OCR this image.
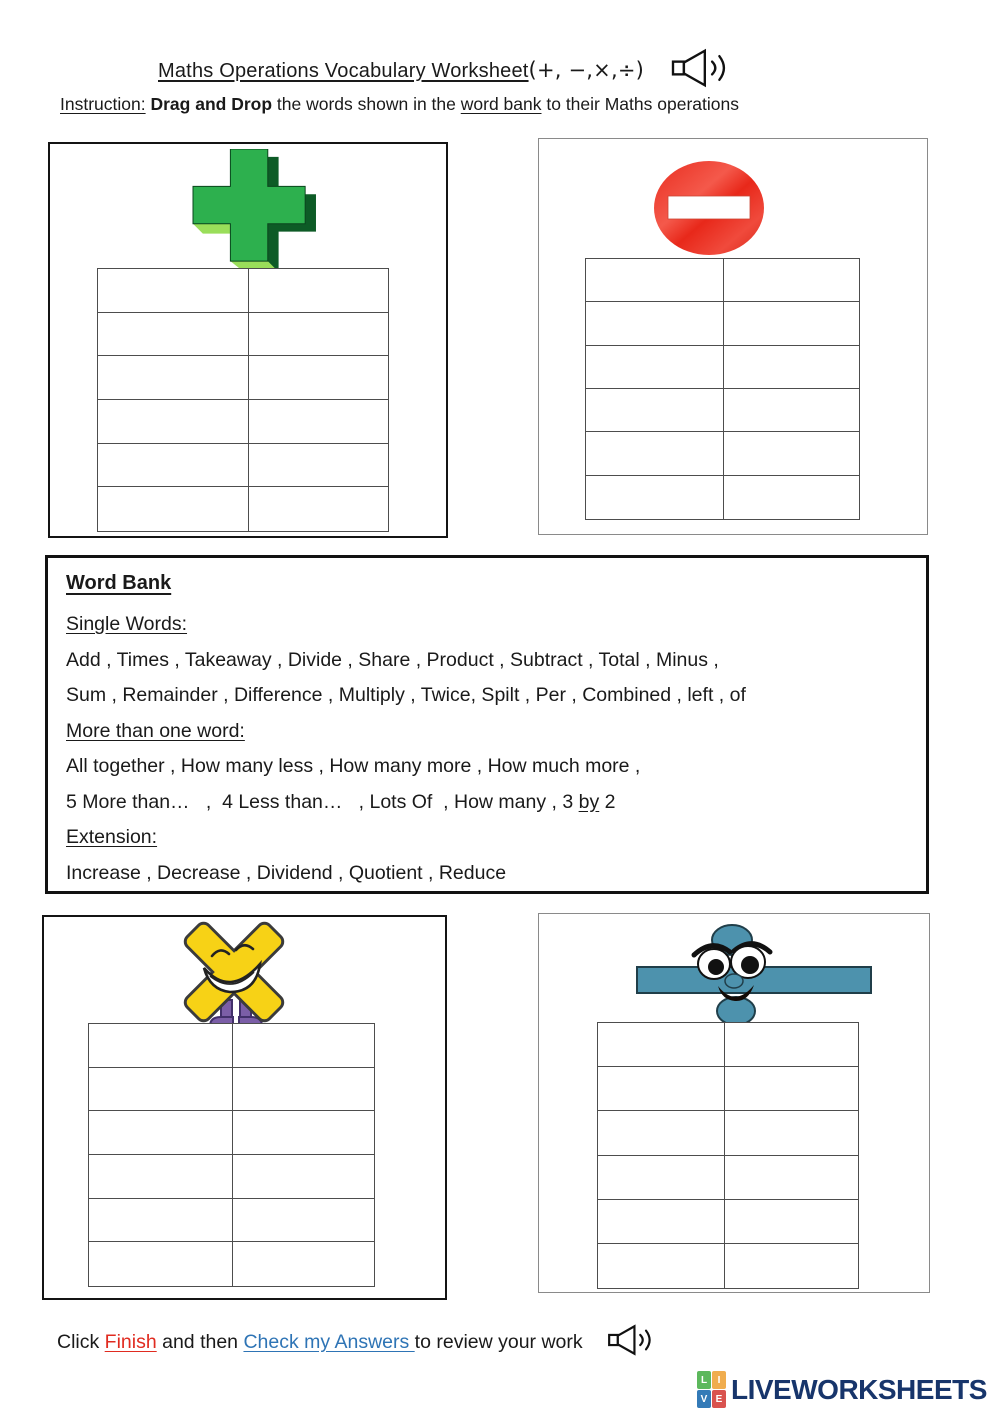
Maths Operations Vocabulary Worksheet(+, −,×,÷)
Instruction: Drag and Drop the words shown in the word bank to their Maths operations
Word Bank
Single Words:
Add , Times , Takeaway , Divide , Share , Product , Subtract , Total , Minus ,
Sum , Remainder , Difference , Multiply , Twice, Spilt , Per , Combined , left , of
More than one word:
All together , How many less , How many more , How much more ,
5 More than…   ,  4 Less than…   , Lots Of  , How many , 3 by 2
Extension:
Increase , Decrease , Dividend , Quotient , Reduce
Click Finish and then Check my Answers to review your work
L	I
V E LIVEWORKSHEETS
